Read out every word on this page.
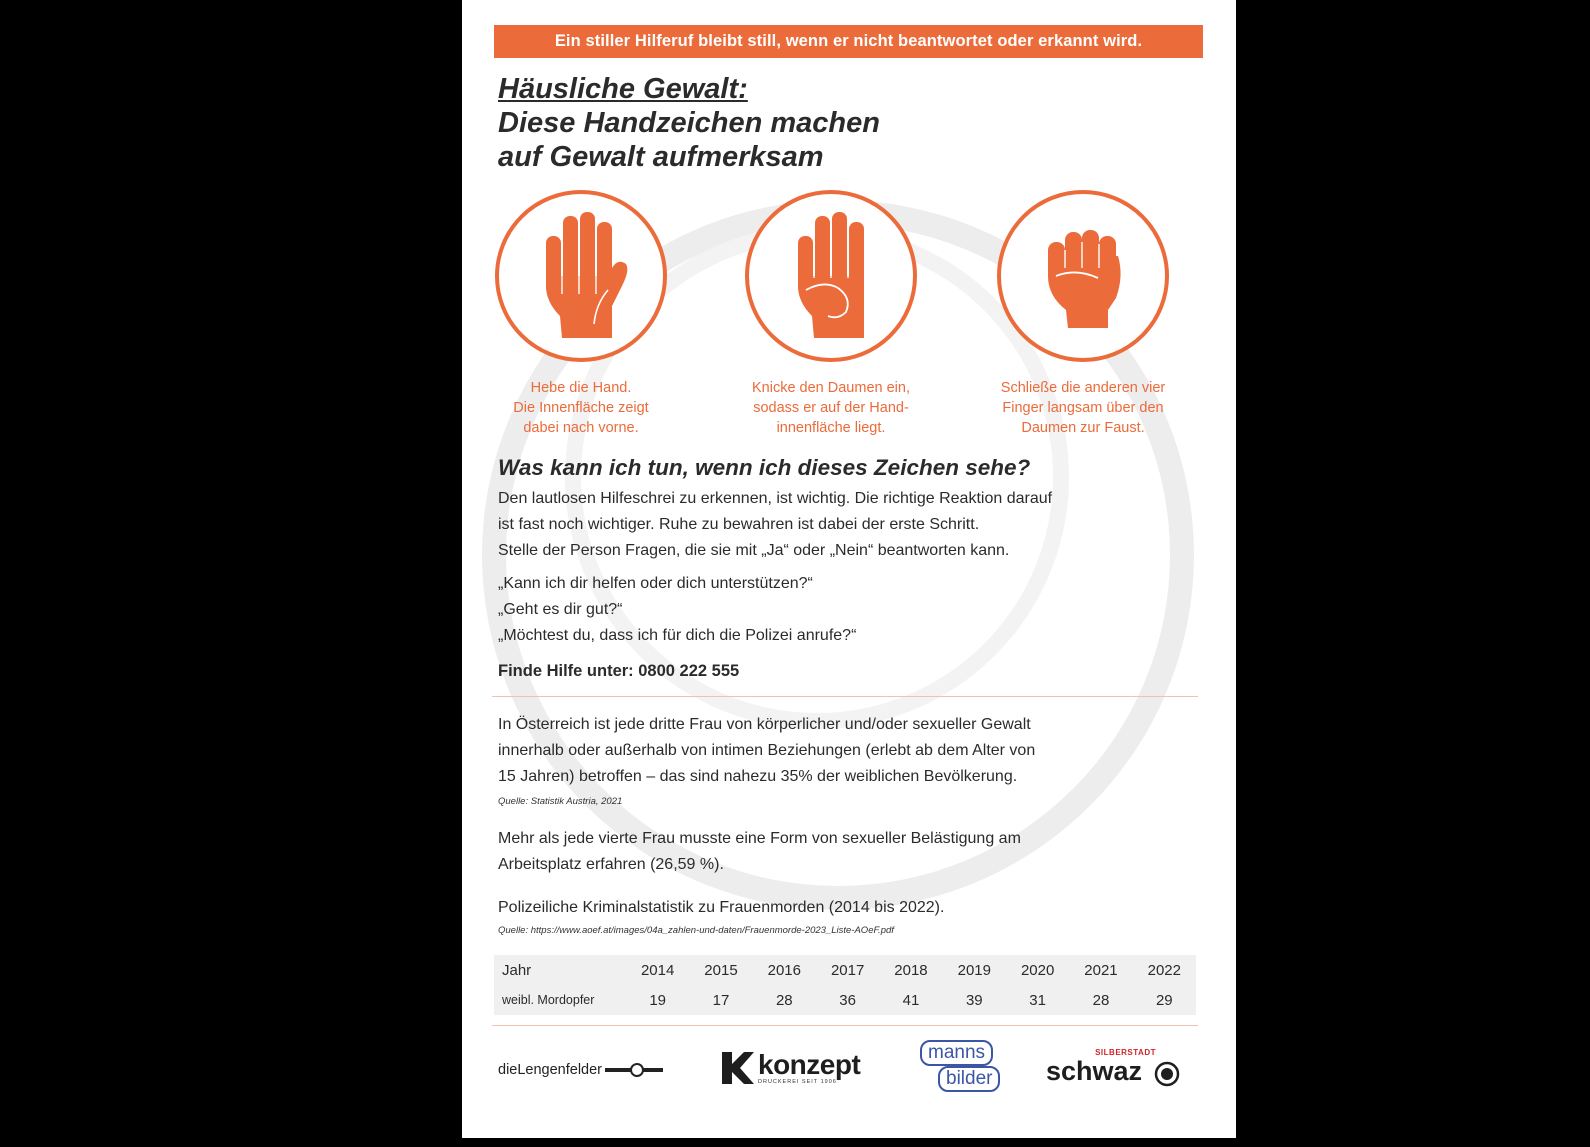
Ein stiller Hilferuf bleibt still, wenn er nicht beantwortet oder erkannt wird.
Häusliche Gewalt:
Diese Handzeichen machen
auf Gewalt aufmerksam
Hebe die Hand.
Die Innenfläche zeigt
dabei nach vorne.
Knicke den Daumen ein,
sodass er auf der Hand-
innenfläche liegt.
Schließe die anderen vier
Finger langsam über den
Daumen zur Faust.
Was kann ich tun, wenn ich dieses Zeichen sehe?
Den lautlosen Hilfeschrei zu erkennen, ist wichtig. Die richtige Reaktion darauf
ist fast noch wichtiger. Ruhe zu bewahren ist dabei der erste Schritt.
Stelle der Person Fragen, die sie mit „Ja“ oder „Nein“ beantworten kann.
„Kann ich dir helfen oder dich unterstützen?“
„Geht es dir gut?“
„Möchtest du, dass ich für dich die Polizei anrufe?“
Finde Hilfe unter: 0800 222 555
In Österreich ist jede dritte Frau von körperlicher und/oder sexueller Gewalt
innerhalb oder außerhalb von intimen Beziehungen (erlebt ab dem Alter von
15 Jahren) betroffen – das sind nahezu 35% der weiblichen Bevölkerung.
Quelle: Statistik Austria, 2021
Mehr als jede vierte Frau musste eine Form von sexueller Belästigung am
Arbeitsplatz erfahren (26,59 %).
Polizeiliche Kriminalstatistik zu Frauenmorden (2014 bis 2022).
Quelle: https://www.aoef.at/images/04a_zahlen-und-daten/Frauenmorde-2023_Liste-AOeF.pdf
Jahr	2014	2015	2016	2017	2018	2019	2020	2021	2022
weibl. Mordopfer	19	17	28	36	41	39	31	28	29
dieLengenfelder	konzept
DRUCKEREI SEIT 1906
manns
bilder
SILBERSTADT
schwaz
